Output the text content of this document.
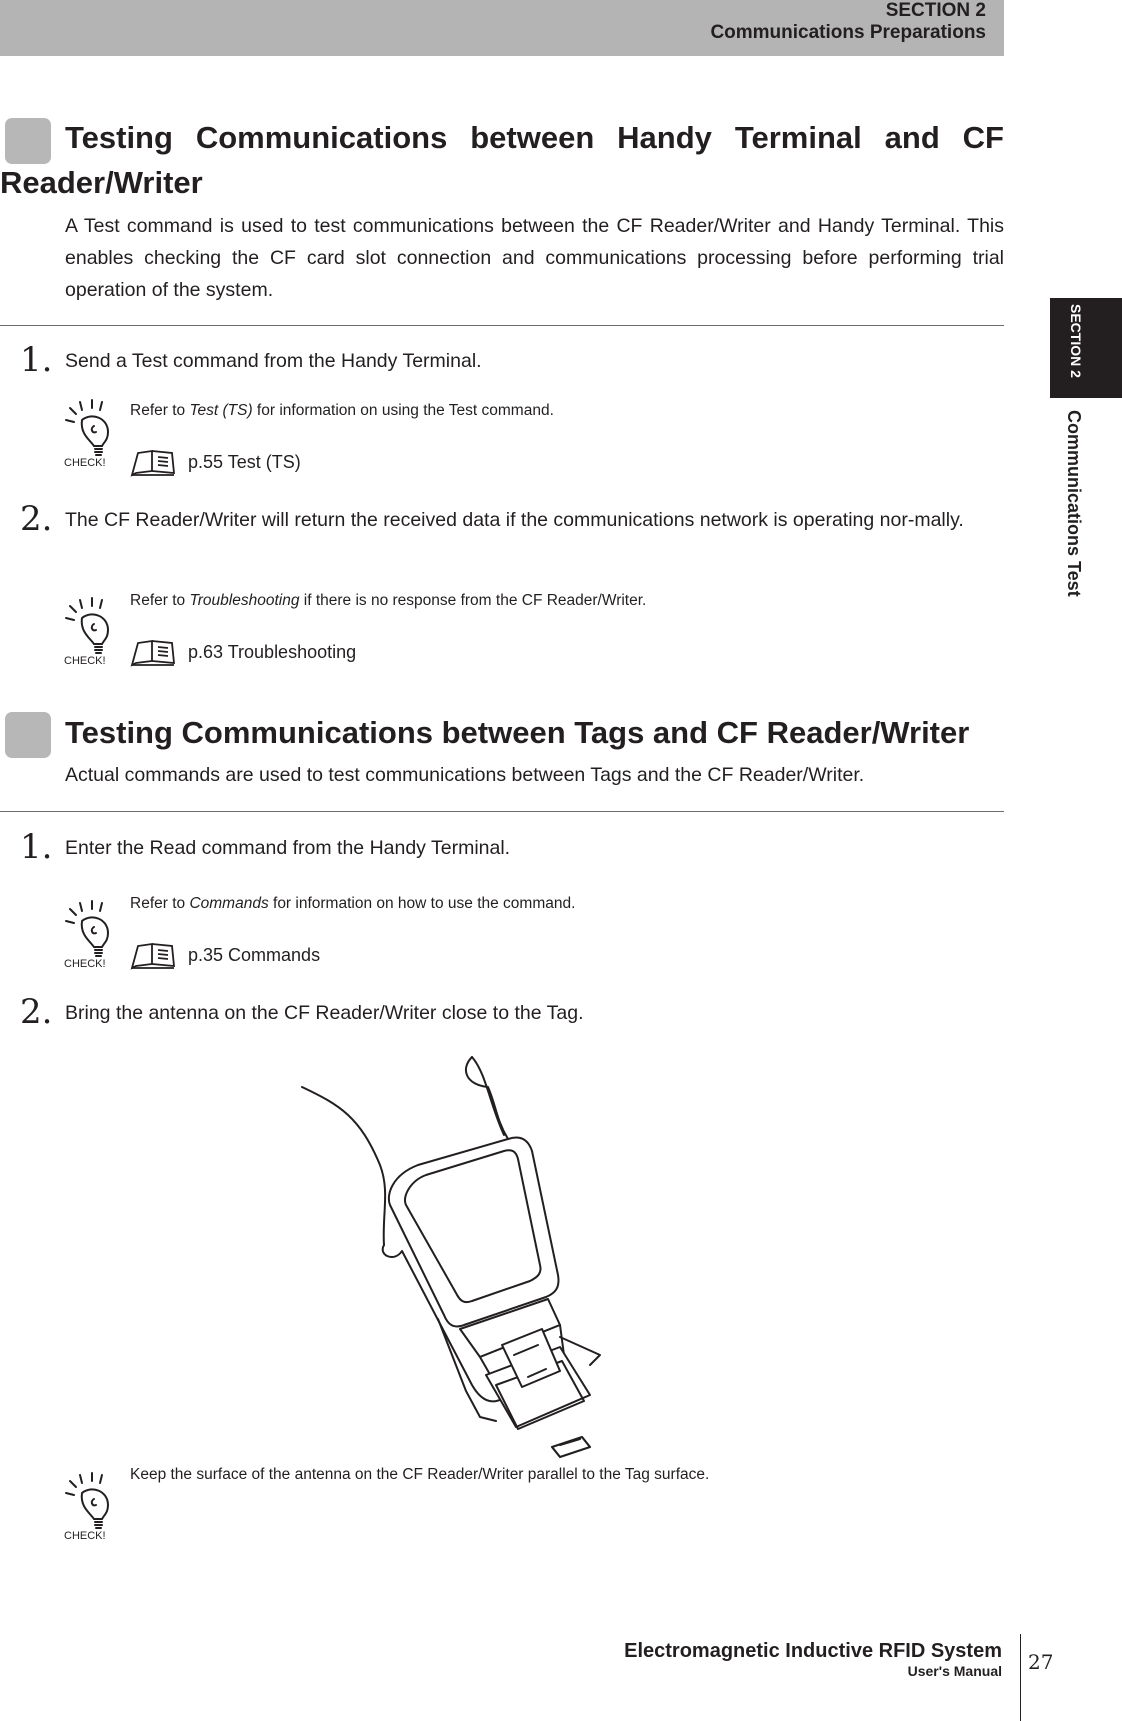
SECTION 2
Communications Preparations
SECTION 2
Communications Test
Testing Communications between Handy Terminal and CF Reader/Writer
A Test command is used to test communications between the CF Reader/Writer and Handy Terminal. This enables checking the CF card slot connection and communications processing before performing trial operation of the system.
1. Send a Test command from the Handy Terminal.
CHECK!
Refer to Test (TS) for information on using the Test command.
p.55 Test (TS)
2. The CF Reader/Writer will return the received data if the communications network is operating nor-mally.
CHECK!
Refer to Troubleshooting if there is no response from the CF Reader/Writer.
p.63 Troubleshooting
Testing Communications between Tags and CF Reader/Writer
Actual commands are used to test communications between Tags and the CF Reader/Writer.
1. Enter the Read command from the Handy Terminal.
CHECK!
Refer to Commands for information on how to use the command.
p.35 Commands
2. Bring the antenna on the CF Reader/Writer close to the Tag.
CHECK!
Keep the surface of the antenna on the CF Reader/Writer parallel to the Tag surface.
Electromagnetic Inductive RFID System
User's Manual 27
